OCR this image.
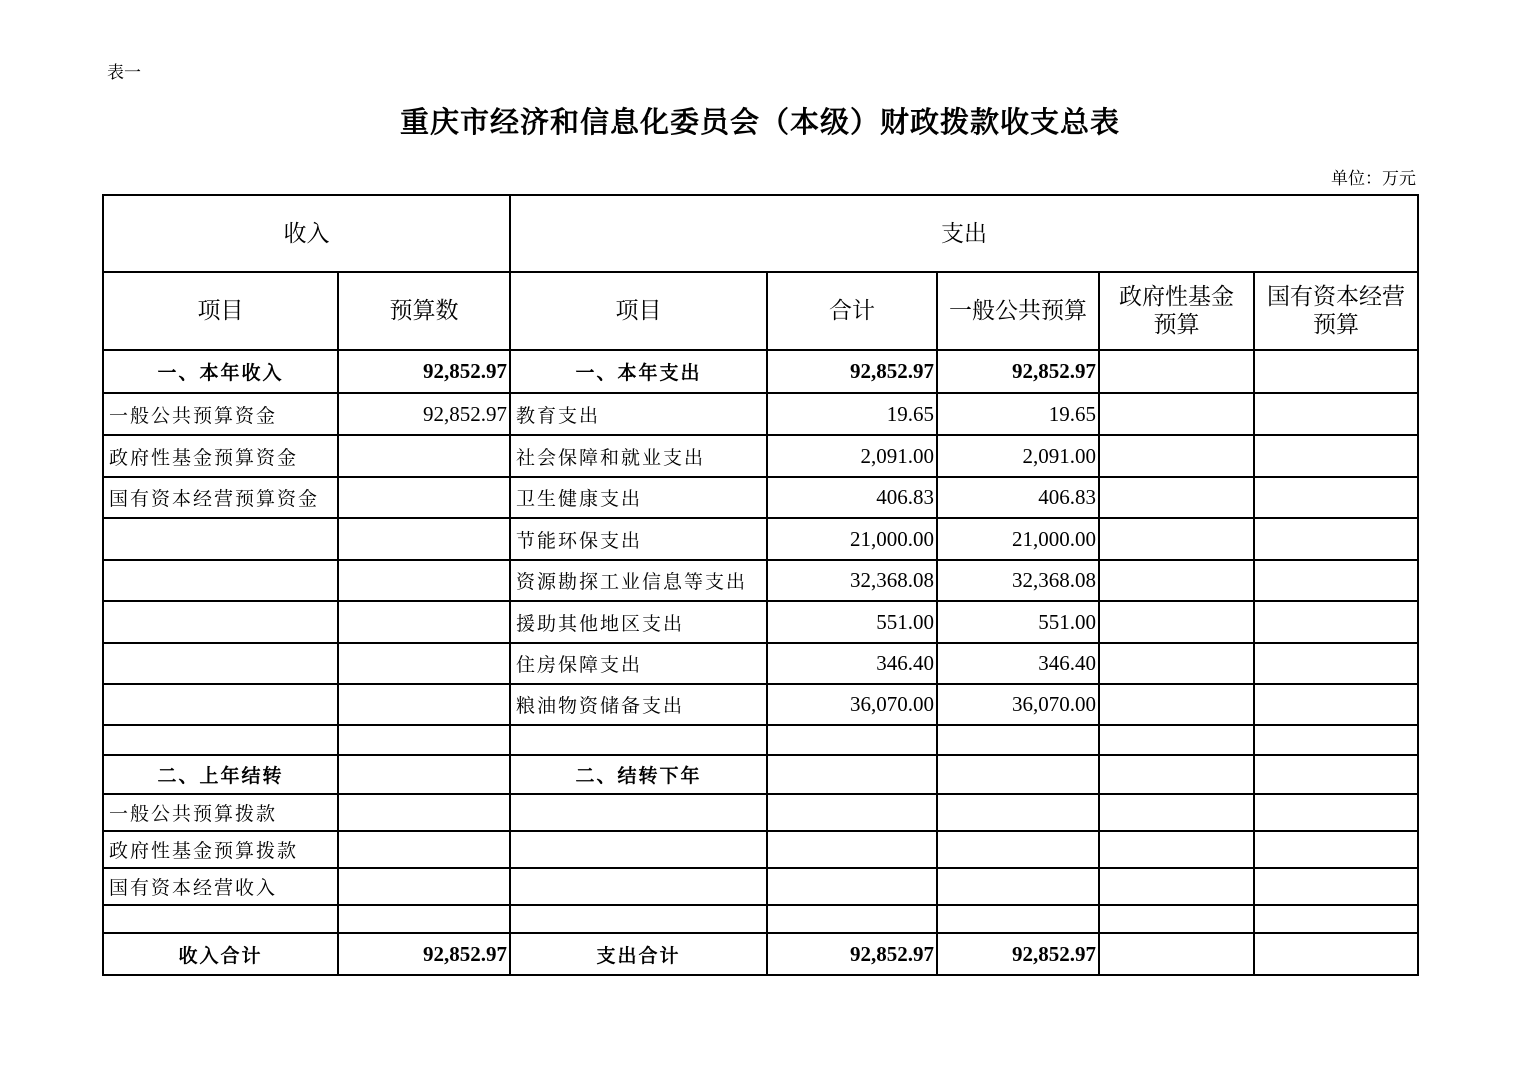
表一
重庆市经济和信息化委员会（本级）财政拨款收支总表
单位：万元
收入		支出				
项目	预算数	项目	合计	一般公共预算	政府性基金预算	国有资本经营预算
一、本年收入	92,852.97	一、本年支出	92,852.97	92,852.97		
一般公共预算资金	92,852.97	教育支出	19.65	19.65		
政府性基金预算资金		社会保障和就业支出	2,091.00	2,091.00		
国有资本经营预算资金		卫生健康支出	406.83	406.83		
		节能环保支出	21,000.00	21,000.00		
		资源勘探工业信息等支出	32,368.08	32,368.08		
		援助其他地区支出	551.00	551.00		
		住房保障支出	346.40	346.40		
		粮油物资储备支出	36,070.00	36,070.00		

二、上年结转		二、结转下年				
一般公共预算拨款						
政府性基金预算拨款						
国有资本经营收入						

收入合计	92,852.97	支出合计	92,852.97	92,852.97		
